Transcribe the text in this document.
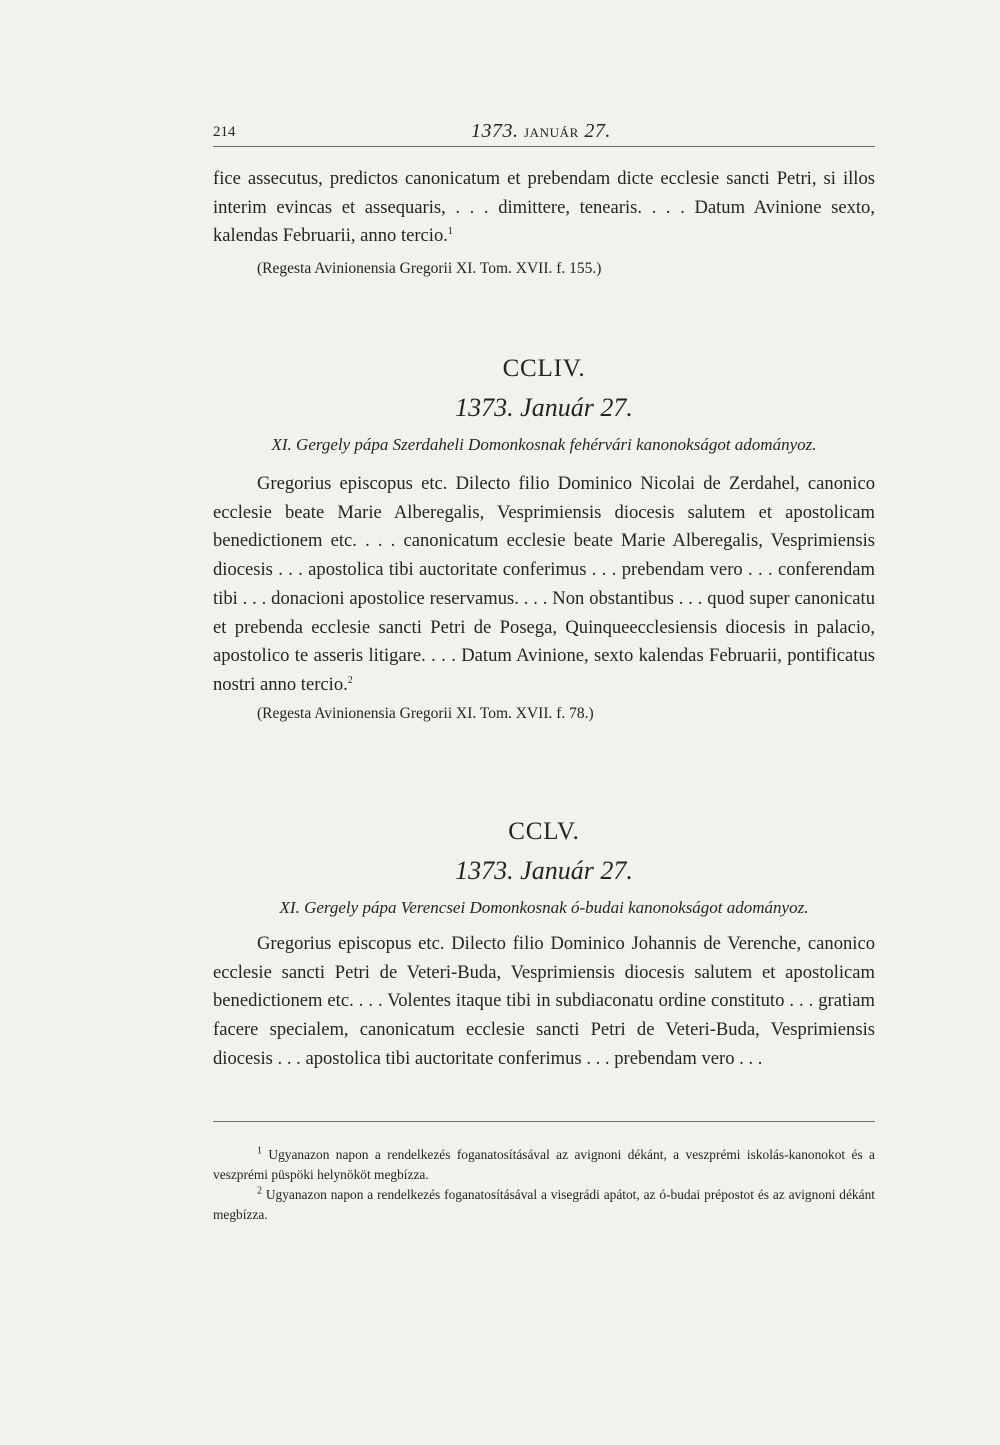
214	1373. JANUÁR 27.

fice assecutus, predictos canonicatum et prebendam dicte ecclesie sancti Petri, si illos interim evincas et assequaris, . . . dimittere, tenearis. . . . Datum Avinione sexto, kalendas Februarii, anno tercio.$^1$

(Regesta Avinionensia Gregorii XI. Tom. XVII. f. 155.)

CCLIV.

1373. Január 27.

XI. Gergely pápa Szerdaheli Domonkosnak fehérvári kanonokságot adományoz.

Gregorius episcopus etc. Dilecto filio Dominico Nicolai de Zerdahel, canonico ecclesie beate Marie Alberegalis, Vesprimiensis diocesis salutem et apostolicam benedictionem etc. . . . canonicatum ecclesie beate Marie Alberegalis, Vesprimiensis diocesis . . . apostolica tibi auctoritate conferimus . . . prebendam vero . . . conferendam tibi . . . donacioni apostolice reservamus. . . . Non obstantibus . . . quod super canonicatu et prebenda ecclesie sancti Petri de Posega, Quinqueecclesiensis diocesis in palacio, apostolico te asseris litigare. . . . Datum Avinione, sexto kalendas Februarii, pontificatus nostri anno tercio.$^2$

(Regesta Avinionensia Gregorii XI. Tom. XVII. f. 78.)

CCLV.

1373. Január 27.

XI. Gergely pápa Verencsei Domonkosnak ó-budai kanonokságot adományoz.

Gregorius episcopus etc. Dilecto filio Dominico Johannis de Verenche, canonico ecclesie sancti Petri de Veteri-Buda, Vesprimiensis diocesis salutem et apostolicam benedictionem etc. . . . Volentes itaque tibi in subdiaconatu ordine constituto . . . gratiam facere specialem, canonicatum ecclesie sancti Petri de Veteri-Buda, Vesprimiensis diocesis . . . apostolica tibi auctoritate conferimus . . . prebendam vero . . .

$^1$ Ugyanazon napon a rendelkezés foganatosításával az avignoni dékánt, a veszprémi iskolás-kanonokot és a veszprémi püspöki helynököt megbízza.

$^2$ Ugyanazon napon a rendelkezés foganatosításával a visegrádi apátot, az ó-budai prépostot és az avignoni dékánt megbízza.
